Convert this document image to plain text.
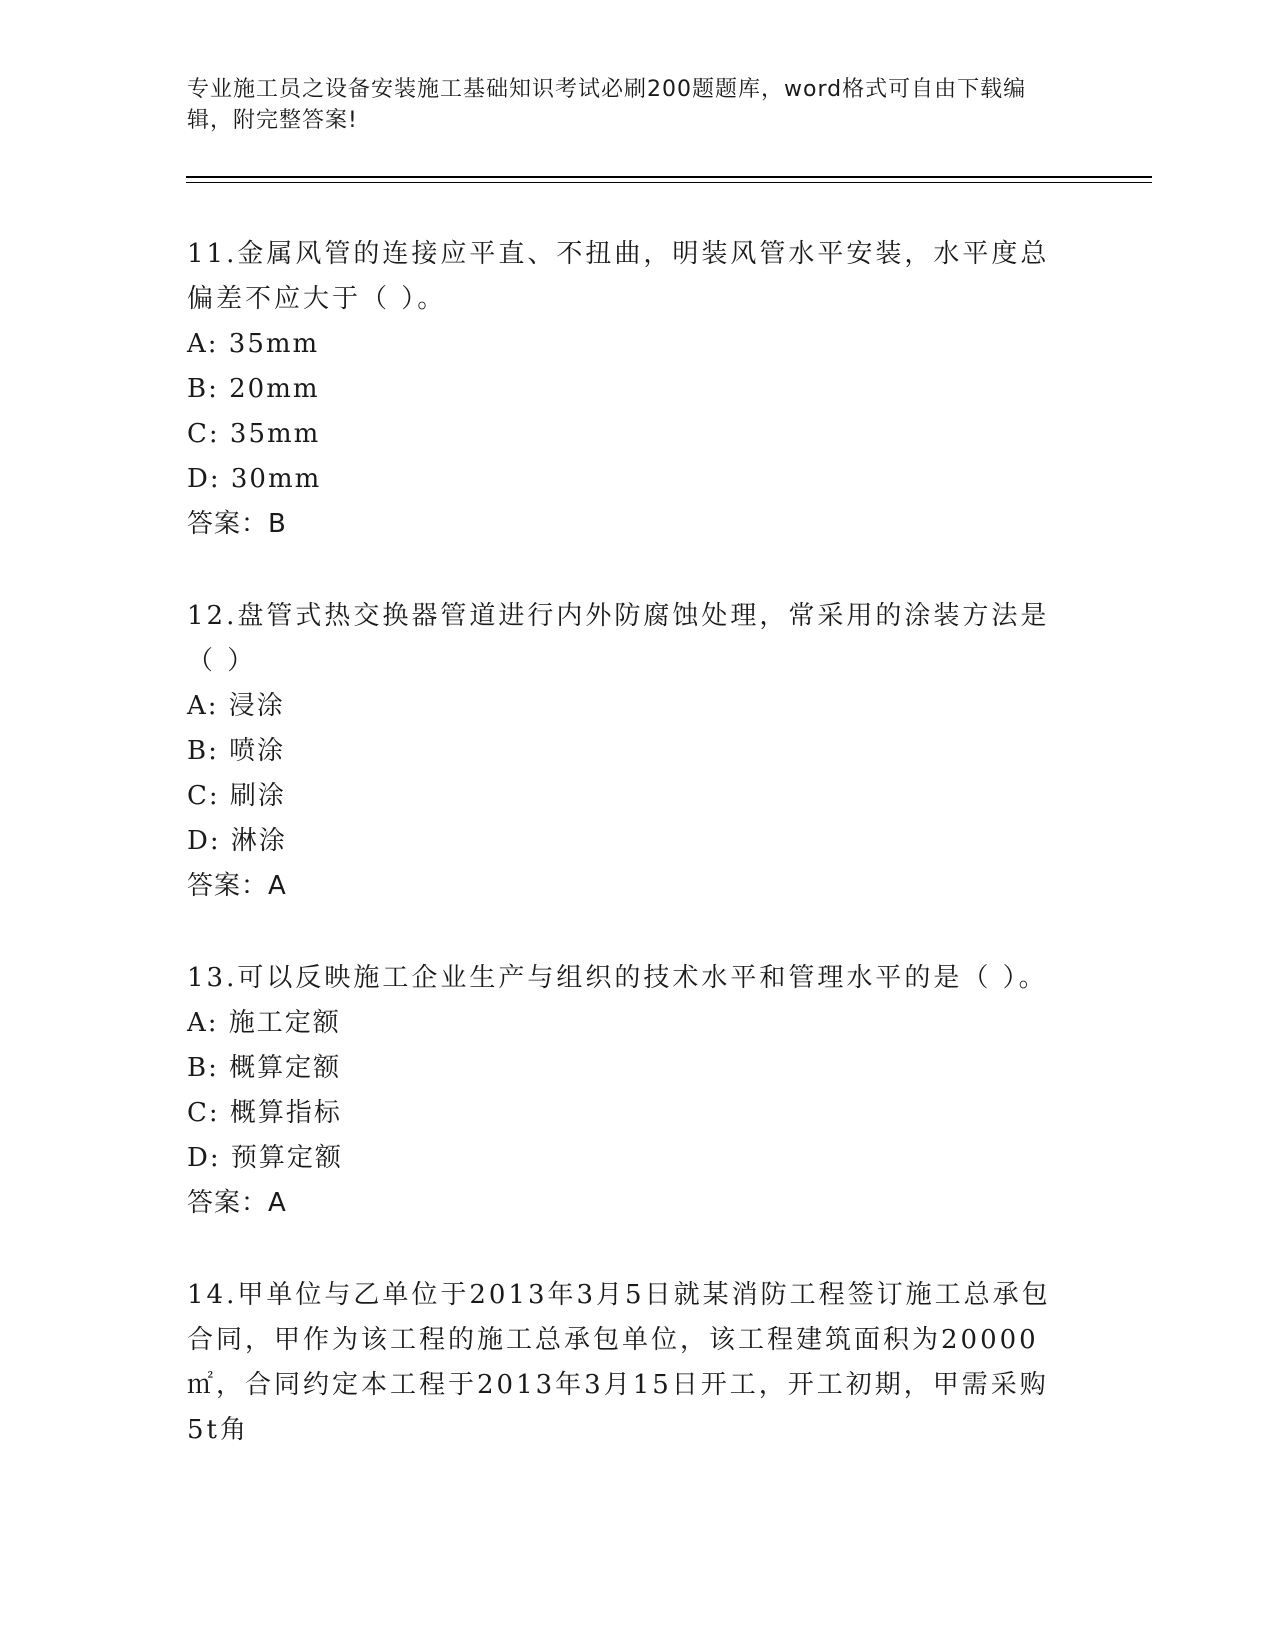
专业施工员之设备安装施工基础知识考试必刷200题题库，word格式可自由下载编辑，附完整答案!

11.金属风管的连接应平直、不扭曲，明装风管水平安装，水平度总偏差不应大于（ ）。

A: 35mm

B: 20mm

C: 35mm

D: 30mm

答案：B

12.盘管式热交换器管道进行内外防腐蚀处理，常采用的涂装方法是（ ）

A: 浸涂

B: 喷涂

C: 刷涂

D: 淋涂

答案：A

13.可以反映施工企业生产与组织的技术水平和管理水平的是（ ）。

A: 施工定额

B: 概算定额

C: 概算指标

D: 预算定额

答案：A

14.甲单位与乙单位于2013年3月5日就某消防工程签订施工总承包合同，甲作为该工程的施工总承包单位，该工程建筑面积为20000㎡，合同约定本工程于2013年3月15日开工，开工初期，甲需采购5t角
